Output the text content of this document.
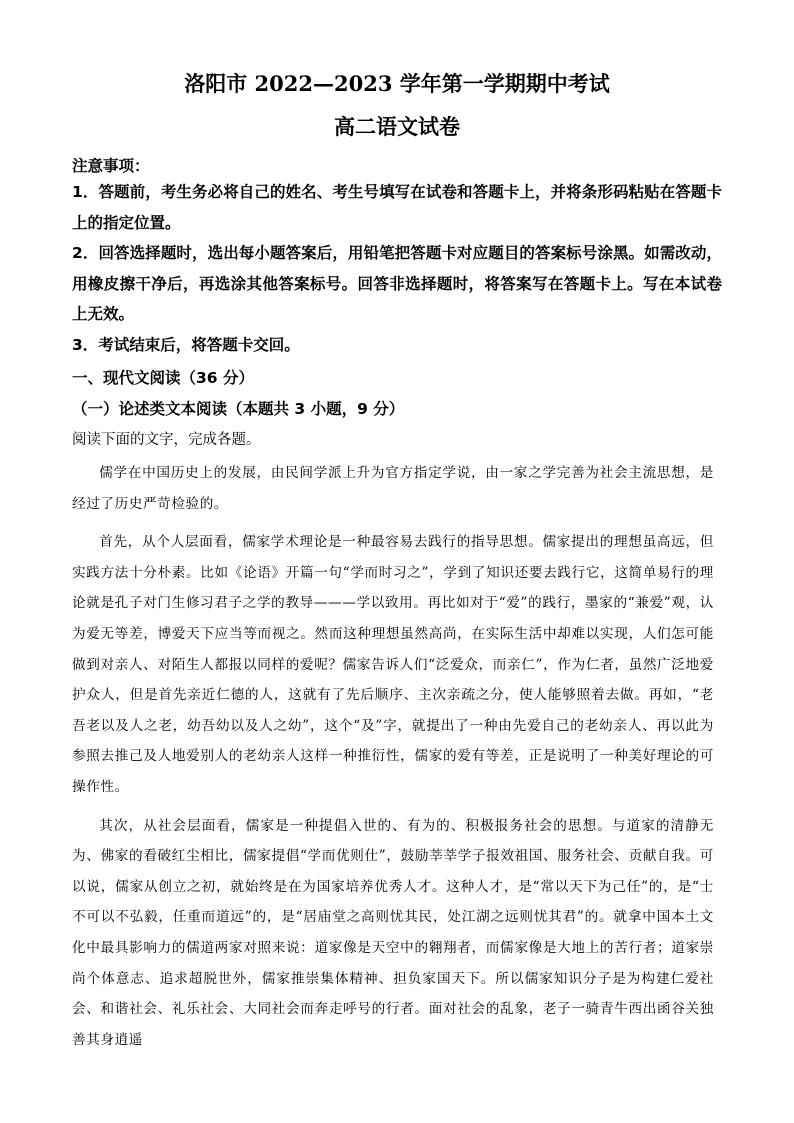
洛阳市 2022—2023 学年第一学期期中考试
高二语文试卷
注意事项：

1．答题前，考生务必将自己的姓名、考生号填写在试卷和答题卡上，并将条形码粘贴在答题卡上的指定位置。

2．回答选择题时，选出每小题答案后，用铅笔把答题卡对应题目的答案标号涂黑。如需改动，用橡皮擦干净后，再选涂其他答案标号。回答非选择题时，将答案写在答题卡上。写在本试卷上无效。

3．考试结束后，将答题卡交回。

一、现代文阅读（36 分）
（一）论述类文本阅读（本题共 3 小题，9 分）
阅读下面的文字，完成各题。

儒学在中国历史上的发展，由民间学派上升为官方指定学说，由一家之学完善为社会主流思想，是经过了历史严苛检验的。

首先，从个人层面看，儒家学术理论是一种最容易去践行的指导思想。儒家提出的理想虽高远，但实践方法十分朴素。比如《论语》开篇一句“学而时习之”，学到了知识还要去践行它，这简单易行的理论就是孔子对门生修习君子之学的教导———学以致用。再比如对于“爱”的践行，墨家的“兼爱”观，认为爱无等差，博爱天下应当等而视之。然而这种理想虽然高尚，在实际生活中却难以实现，人们怎可能做到对亲人、对陌生人都报以同样的爱呢？儒家告诉人们“泛爱众，而亲仁”，作为仁者，虽然广泛地爱护众人，但是首先亲近仁德的人，这就有了先后顺序、主次亲疏之分，使人能够照着去做。再如，“老吾老以及人之老，幼吾幼以及人之幼”，这个“及”字，就提出了一种由先爱自己的老幼亲人、再以此为参照去推己及人地爱别人的老幼亲人这样一种推衍性，儒家的爱有等差，正是说明了一种美好理论的可操作性。

其次，从社会层面看，儒家是一种提倡入世的、有为的、积极报务社会的思想。与道家的清静无为、佛家的看破红尘相比，儒家提倡“学而优则仕”，鼓励莘莘学子报效祖国、服务社会、贡献自我。可以说，儒家从创立之初，就始终是在为国家培养优秀人才。这种人才，是“常以天下为己任”的，是“士不可以不弘毅，任重而道远”的，是“居庙堂之高则忧其民，处江湖之远则忧其君”的。就拿中国本土文化中最具影响力的儒道两家对照来说：道家像是天空中的翱翔者，而儒家像是大地上的苦行者；道家崇尚个体意志、追求超脱世外，儒家推崇集体精神、担负家国天下。所以儒家知识分子是为构建仁爱社会、和谐社会、礼乐社会、大同社会而奔走呼号的行者。面对社会的乱象，老子一骑青牛西出函谷关独善其身逍遥
